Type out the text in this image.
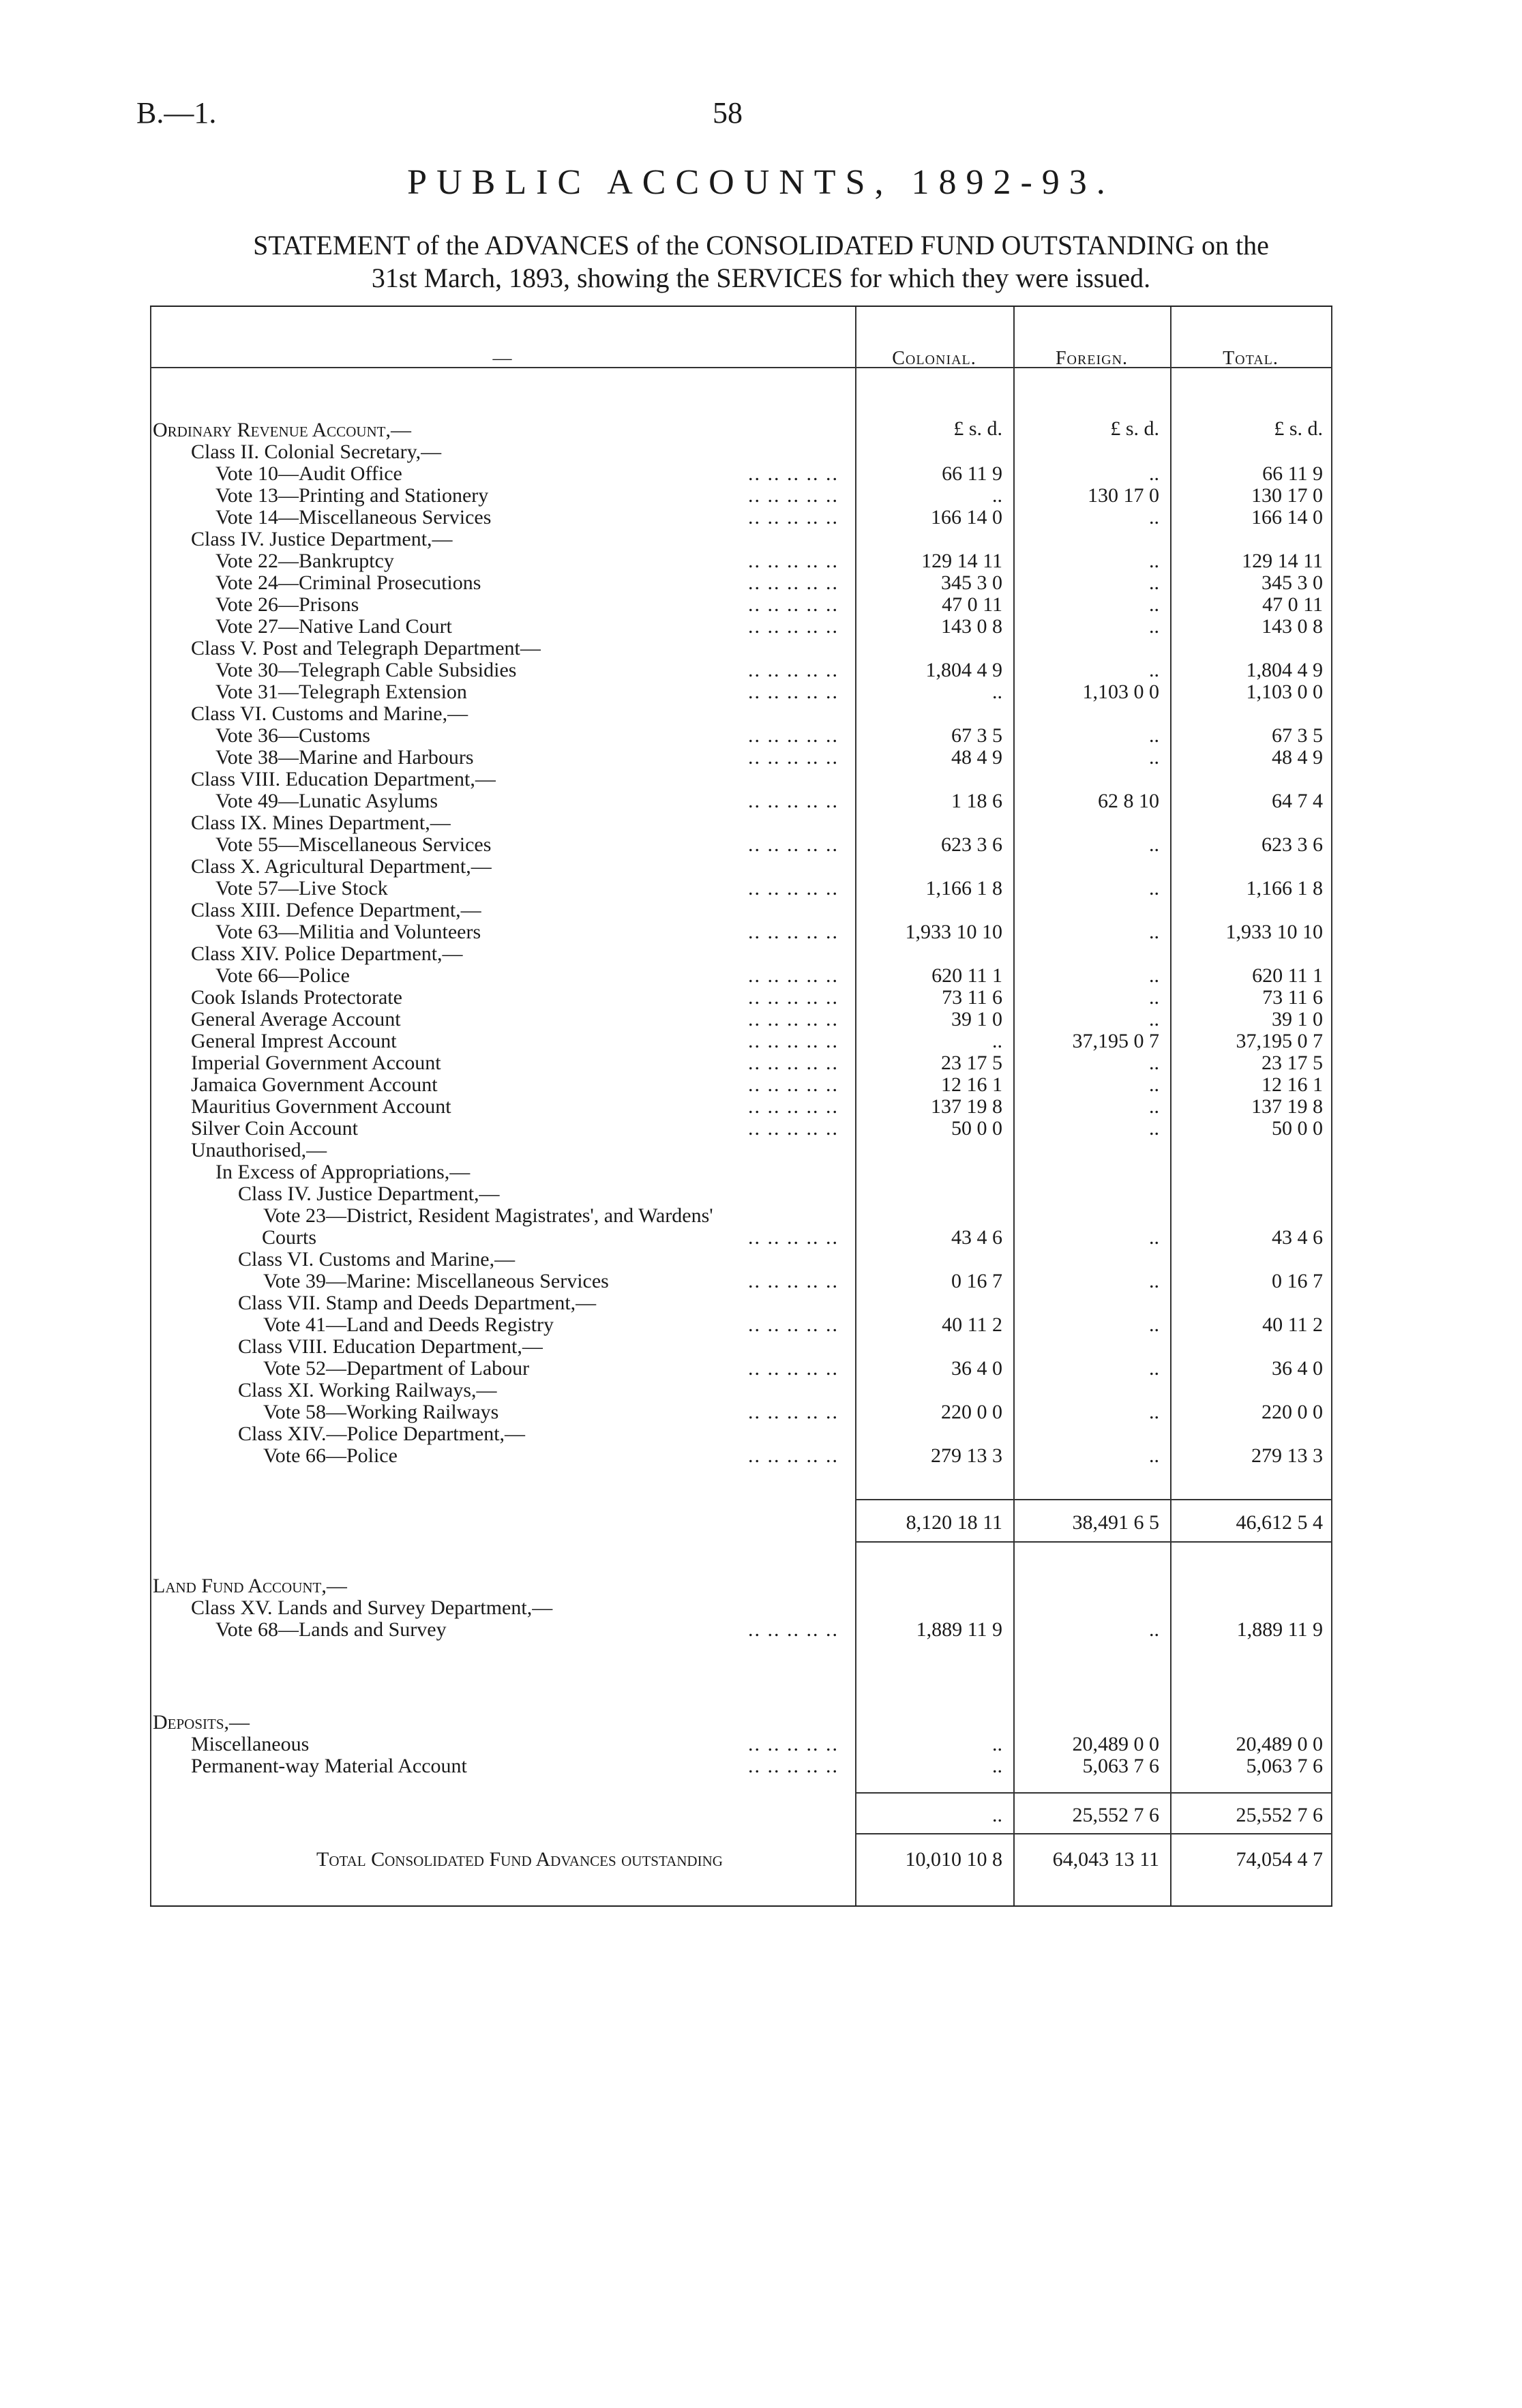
B.—1.	58
PUBLIC ACCOUNTS, 1892-93.
STATEMENT of the ADVANCES of the CONSOLIDATED FUND OUTSTANDING on the
31st March, 1893, showing the SERVICES for which they were issued.
—	Colonial.	Foreign.	Total.
£ s. d.	£ s. d.	£ s. d.
Ordinary Revenue Account,—
Class II. Colonial Secretary,—
Vote 10—Audit Office	.. .. .. .. ..	66 11 9	..	66 11 9
Vote 13—Printing and Stationery	.. .. .. .. ..	..	130 17 0	130 17 0
Vote 14—Miscellaneous Services	.. .. .. .. ..	166 14 0	..	166 14 0
Class IV. Justice Department,—
Vote 22—Bankruptcy	.. .. .. .. ..	129 14 11	..	129 14 11
Vote 24—Criminal Prosecutions	.. .. .. .. ..	345 3 0	..	345 3 0
Vote 26—Prisons	.. .. .. .. ..	47 0 11	..	47 0 11
Vote 27—Native Land Court	.. .. .. .. ..	143 0 8	..	143 0 8
Class V. Post and Telegraph Department—
Vote 30—Telegraph Cable Subsidies	.. .. .. .. ..	1,804 4 9	..	1,804 4 9
Vote 31—Telegraph Extension	.. .. .. .. ..	..	1,103 0 0	1,103 0 0
Class VI. Customs and Marine,—
Vote 36—Customs	.. .. .. .. ..	67 3 5	..	67 3 5
Vote 38—Marine and Harbours	.. .. .. .. ..	48 4 9	..	48 4 9
Class VIII. Education Department,—
Vote 49—Lunatic Asylums	.. .. .. .. ..	1 18 6	62 8 10	64 7 4
Class IX. Mines Department,—
Vote 55—Miscellaneous Services	.. .. .. .. ..	623 3 6	..	623 3 6
Class X. Agricultural Department,—
Vote 57—Live Stock	.. .. .. .. ..	1,166 1 8	..	1,166 1 8
Class XIII. Defence Department,—
Vote 63—Militia and Volunteers	.. .. .. .. ..	1,933 10 10	..	1,933 10 10
Class XIV. Police Department,—
Vote 66—Police	.. .. .. .. ..	620 11 1	..	620 11 1
Cook Islands Protectorate	.. .. .. .. ..	73 11 6	..	73 11 6
General Average Account	.. .. .. .. ..	39 1 0	..	39 1 0
General Imprest Account	.. .. .. .. ..	..	37,195 0 7	37,195 0 7
Imperial Government Account	.. .. .. .. ..	23 17 5	..	23 17 5
Jamaica Government Account	.. .. .. .. ..	12 16 1	..	12 16 1
Mauritius Government Account	.. .. .. .. ..	137 19 8	..	137 19 8
Silver Coin Account	.. .. .. .. ..	50 0 0	..	50 0 0
Unauthorised,—
In Excess of Appropriations,—
Class IV. Justice Department,—
Vote 23—District, Resident Magistrates', and Wardens'
Courts	.. .. .. .. ..	43 4 6	..	43 4 6
Class VI. Customs and Marine,—
Vote 39—Marine: Miscellaneous Services	.. .. .. .. ..	0 16 7	..	0 16 7
Class VII. Stamp and Deeds Department,—
Vote 41—Land and Deeds Registry	.. .. .. .. ..	40 11 2	..	40 11 2
Class VIII. Education Department,—
Vote 52—Department of Labour	.. .. .. .. ..	36 4 0	..	36 4 0
Class XI. Working Railways,—
Vote 58—Working Railways	.. .. .. .. ..	220 0 0	..	220 0 0
Class XIV.—Police Department,—
Vote 66—Police	.. .. .. .. ..	279 13 3	..	279 13 3
8,120 18 11	38,491 6 5	46,612 5 4
Land Fund Account,—
Class XV. Lands and Survey Department,—
Vote 68—Lands and Survey	.. .. .. .. ..	1,889 11 9	..	1,889 11 9
Deposits,—
Miscellaneous	.. .. .. .. ..	..	20,489 0 0	20,489 0 0
Permanent-way Material Account	.. .. .. .. ..	..	5,063 7 6	5,063 7 6
..	25,552 7 6	25,552 7 6
Total Consolidated Fund Advances outstanding	10,010 10 8	64,043 13 11	74,054 4 7
